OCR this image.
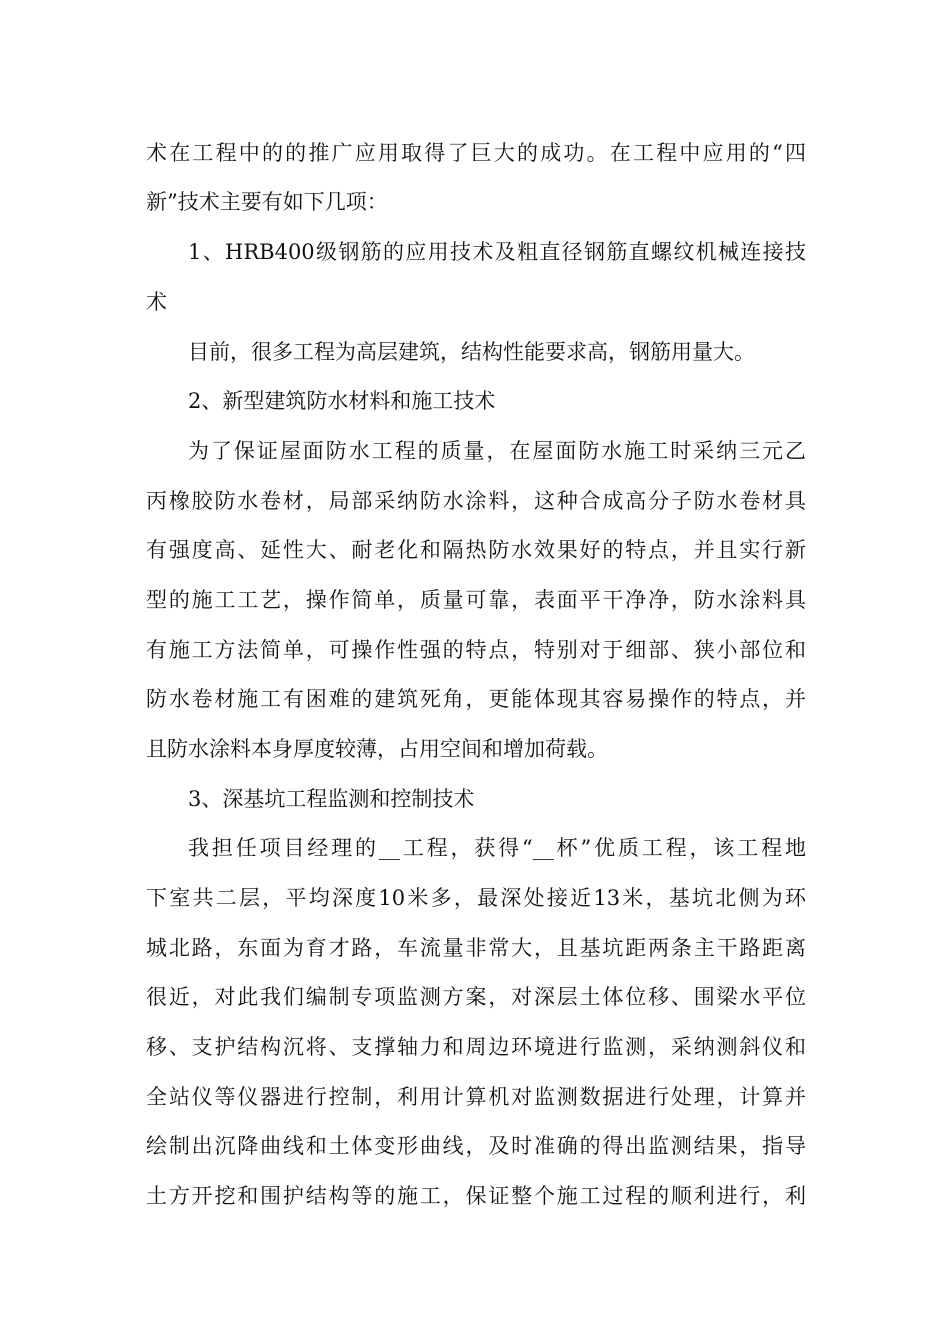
术在工程中的的推广应用取得了巨大的成功。在工程中应用的“四
新”技术主要有如下几项：
1、HRB400级钢筋的应用技术及粗直径钢筋直螺纹机械连接技
术
目前，很多工程为高层建筑，结构性能要求高，钢筋用量大。
2、新型建筑防水材料和施工技术
为了保证屋面防水工程的质量，在屋面防水施工时采纳三元乙
丙橡胶防水卷材，局部采纳防水涂料，这种合成高分子防水卷材具
有强度高、延性大、耐老化和隔热防水效果好的特点，并且实行新
型的施工工艺，操作简单，质量可靠，表面平干净净，防水涂料具
有施工方法简单，可操作性强的特点，特别对于细部、狭小部位和
防水卷材施工有困难的建筑死角，更能体现其容易操作的特点，并
且防水涂料本身厚度较薄，占用空间和增加荷载。
3、深基坑工程监测和控制技术
我担任项目经理的__工程，获得“__杯”优质工程，该工程地
下室共二层，平均深度10米多，最深处接近13米，基坑北侧为环
城北路，东面为育才路，车流量非常大，且基坑距两条主干路距离
很近，对此我们编制专项监测方案，对深层土体位移、围梁水平位
移、支护结构沉将、支撑轴力和周边环境进行监测，采纳测斜仪和
全站仪等仪器进行控制，利用计算机对监测数据进行处理，计算并
绘制出沉降曲线和土体变形曲线，及时准确的得出监测结果，指导
土方开挖和围护结构等的施工，保证整个施工过程的顺利进行，利
